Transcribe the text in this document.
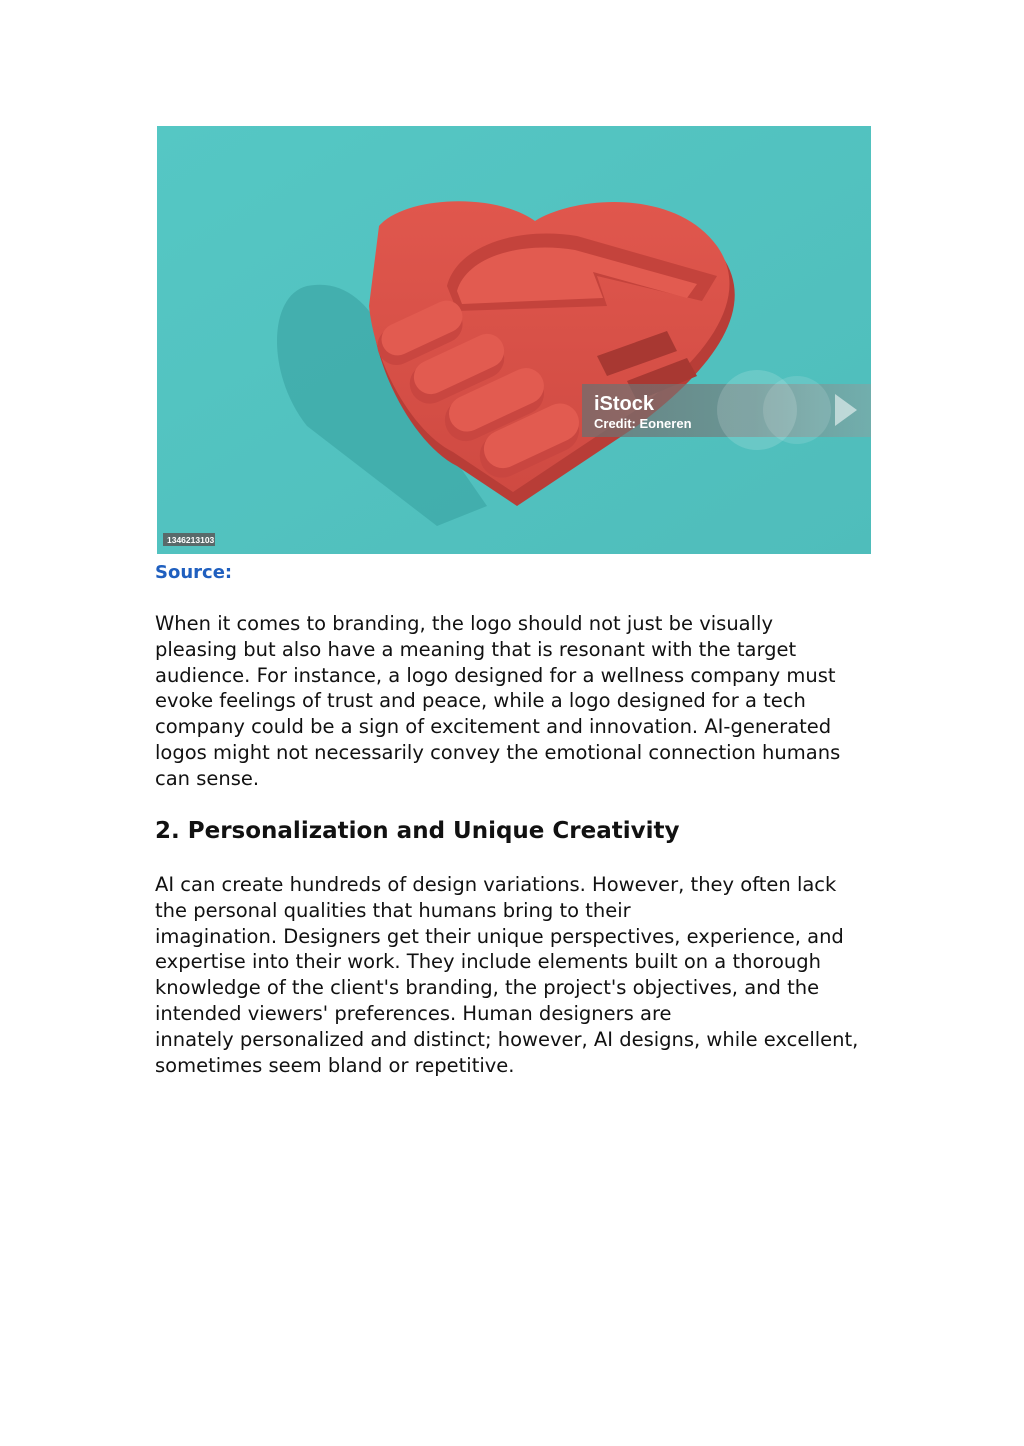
iStock
Credit: Eoneren
1346213103
Source:

When it comes to branding, the logo should not just be visually
pleasing but also have a meaning that is resonant with the target
audience. For instance, a logo designed for a wellness company must
evoke feelings of trust and peace, while a logo designed for a tech
company could be a sign of excitement and innovation. AI-generated
logos might not necessarily convey the emotional connection humans
can sense.

2. Personalization and Unique Creativity

AI can create hundreds of design variations. However, they often lack
the personal qualities that humans bring to their
imagination. Designers get their unique perspectives, experience, and
expertise into their work. They include elements built on a thorough
knowledge of the client's branding, the project's objectives, and the
intended viewers' preferences. Human designers are
innately personalized and distinct; however, AI designs, while excellent,
sometimes seem bland or repetitive.
